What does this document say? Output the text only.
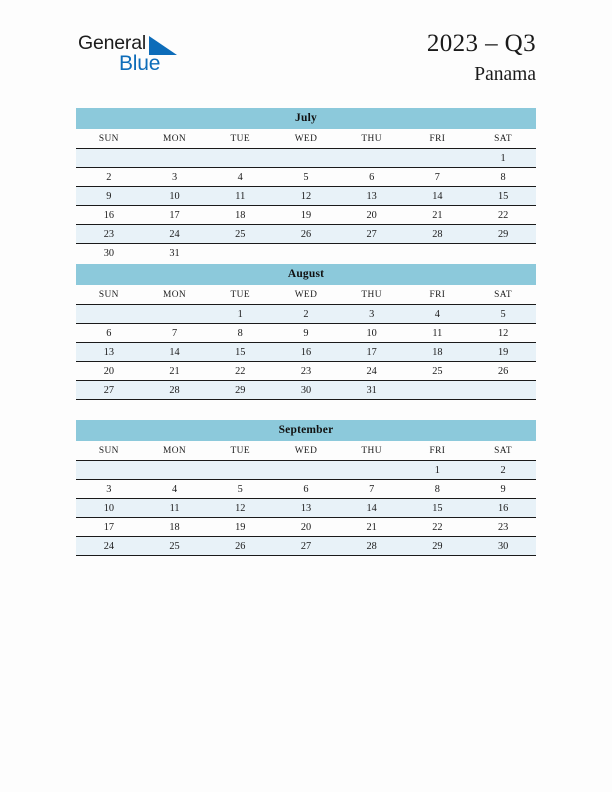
General
Blue
2023 – Q3
Panama
July
SUN	MON	TUE	WED	THU	FRI	SAT
						1
2	3	4	5	6	7	8
9	10	11	12	13	14	15
16	17	18	19	20	21	22
23	24	25	26	27	28	29
30	31					
August
SUN	MON	TUE	WED	THU	FRI	SAT
		1	2	3	4	5
6	7	8	9	10	11	12
13	14	15	16	17	18	19
20	21	22	23	24	25	26
27	28	29	30	31		
September
SUN	MON	TUE	WED	THU	FRI	SAT
					1	2
3	4	5	6	7	8	9
10	11	12	13	14	15	16
17	18	19	20	21	22	23
24	25	26	27	28	29	30
